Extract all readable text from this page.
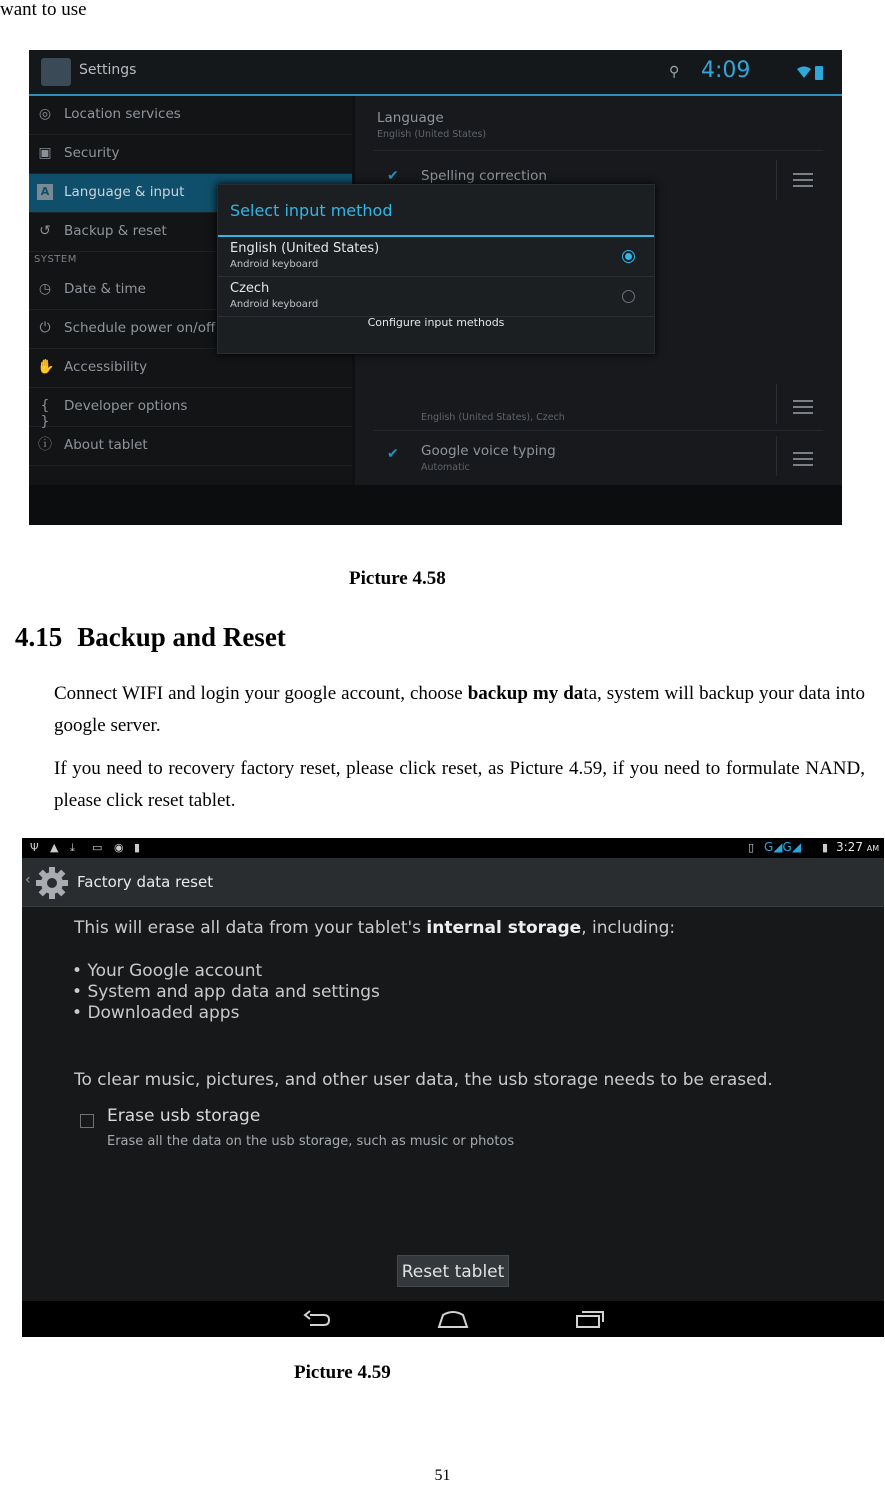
want to use
Settings	⚲ 4:09
◎ Location services
▣ Security
A Language & input
↺ Backup & reset
SYSTEM
◷ Date & time
⏻ Schedule power on/off
✋ Accessibility
{ }
Developer options
ⓘ About tablet
Language
English (United States)
✔ Spelling correction
English (United States), Czech
✔ Google voice typing
Automatic
Select input method
English (United States)
Android keyboard
Czech
Android keyboard
Configure input methods
Picture 4.58
4.15 Backup and Reset
Connect WIFI and login your google account, choose backup my data, system will backup your data into google server.
If you need to recovery factory reset, please click reset, as Picture 4.59, if you need to formulate NAND, please click reset tablet.
Ψ ▲ ⤓ ▭ ◉ ▮	▯ G◢G◢ ▮ 3:27 AM
‹	Factory data reset
This will erase all data from your tablet's internal storage, including:
• Your Google account
• System and app data and settings
• Downloaded apps
To clear music, pictures, and other user data, the usb storage needs to be erased.
Erase usb storage
Erase all the data on the usb storage, such as music or photos
Reset tablet
Picture 4.59
51
